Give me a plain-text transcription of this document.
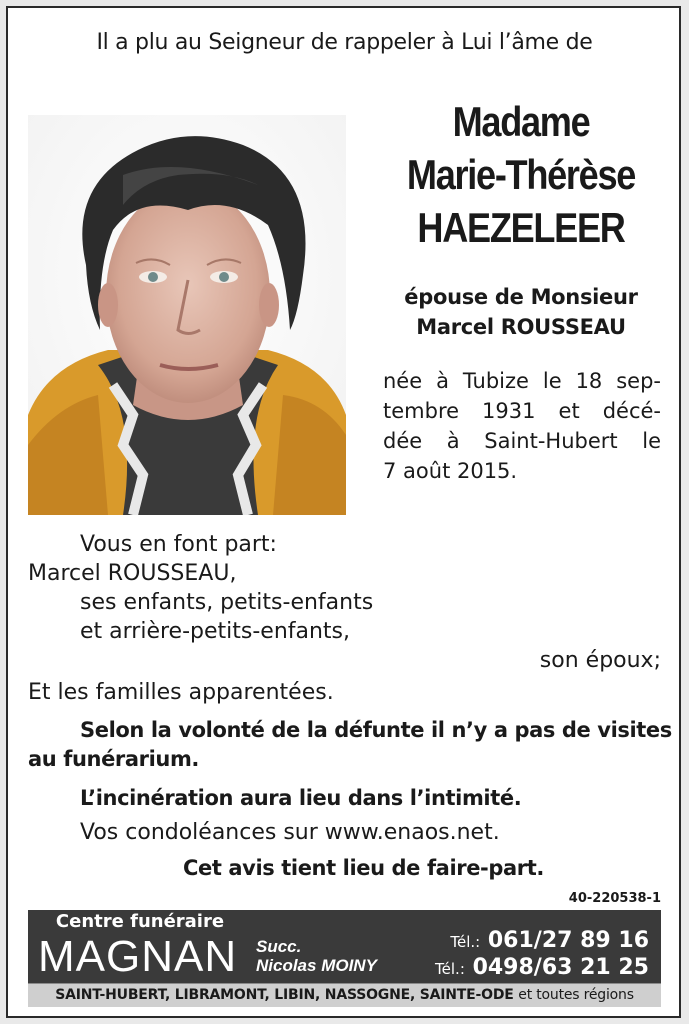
Il a plu au Seigneur de rappeler à Lui l’âme de
Madame
Marie-Thérèse
HAEZELEER
épouse de Monsieur
Marcel ROUSSEAU
née à Tubize le 18 sep-
tembre 1931 et décé-
dée à Saint-Hubert le
7 août 2015.
Vous en font part:
Marcel ROUSSEAU,
ses enfants, petits-enfants
et arrière-petits-enfants,
son époux;
Et les familles apparentées.
Selon la volonté de la défunte il n’y a pas de visites
au funérarium.
L’incinération aura lieu dans l’intimité.
Vos condoléances sur www.enaos.net.
Cet avis tient lieu de faire-part.
40-220538-1
Centre funéraire
MAGNAN Succ.
Nicolas MOINY
Tél.: 061/27 89 16
Tél.: 0498/63 21 25
SAINT-HUBERT, LIBRAMONT, LIBIN, NASSOGNE, SAINTE-ODE et toutes régions
